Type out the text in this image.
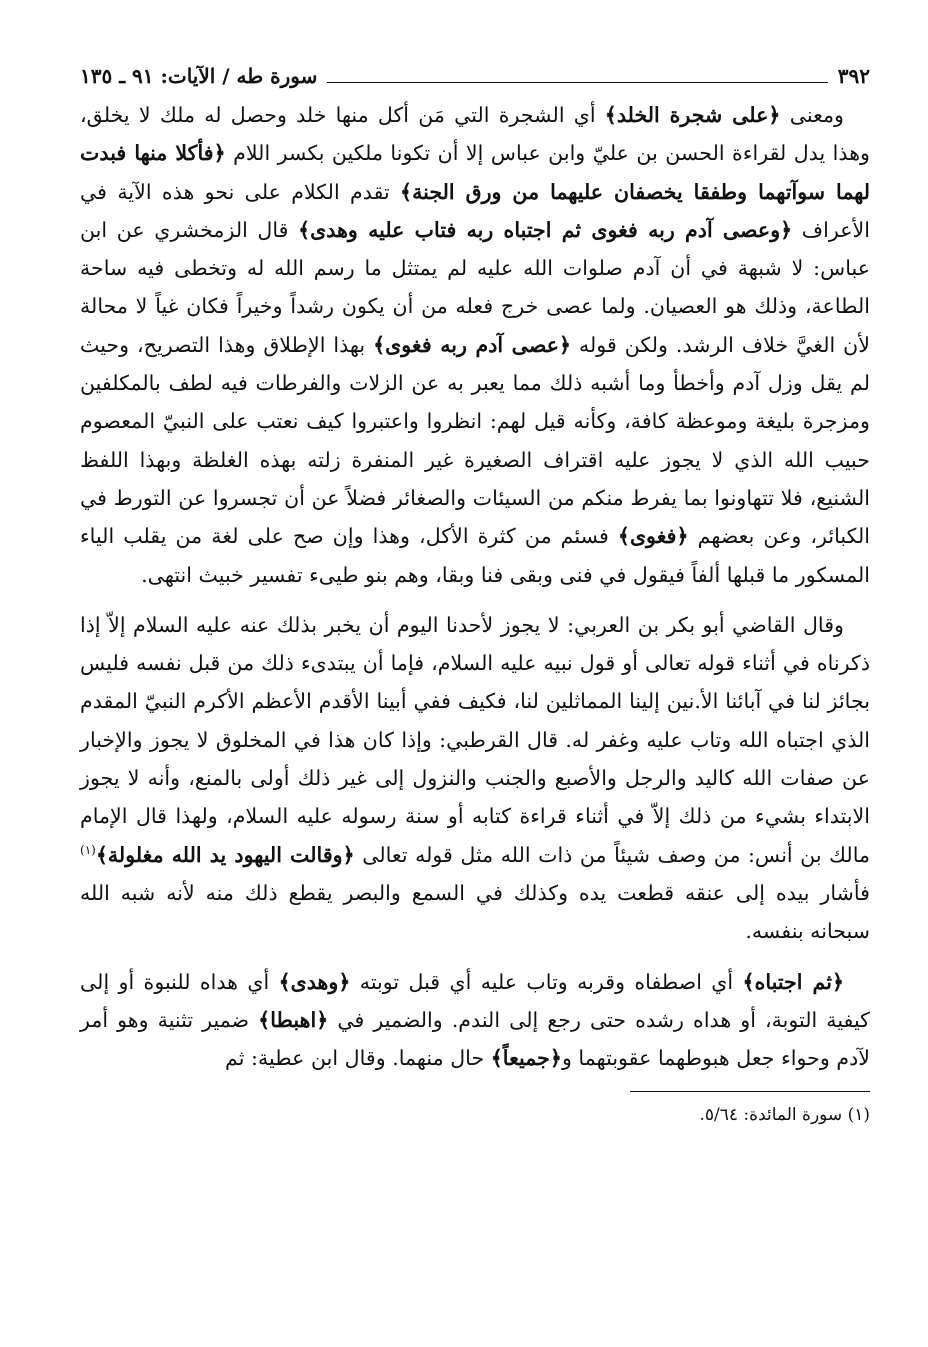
٣٩٢
سورة طه / الآيات: ٩١ ـ ١٣٥

ومعنى ﴿على شجرة الخلد﴾ أي الشجرة التي مَن أكل منها خلد وحصل له ملك لا يخلق، وهذا يدل لقراءة الحسن بن عليّ وابن عباس إلا أن تكونا ملكين بكسر اللام ﴿فأكلا منها فبدت لهما سوآتهما وطفقا يخصفان عليهما من ورق الجنة﴾ تقدم الكلام على نحو هذه الآية في الأعراف ﴿وعصى آدم ربه فغوى ثم اجتباه ربه فتاب عليه وهدى﴾ قال الزمخشري عن ابن عباس: لا شبهة في أن آدم صلوات الله عليه لم يمتثل ما رسم الله له وتخطى فيه ساحة الطاعة، وذلك هو العصيان. ولما عصى خرج فعله من أن يكون رشداً وخيراً فكان غياً لا محالة لأن الغيَّ خلاف الرشد. ولكن قوله ﴿عصى آدم ربه فغوى﴾ بهذا الإطلاق وهذا التصريح، وحيث لم يقل وزل آدم وأخطأ وما أشبه ذلك مما يعبر به عن الزلات والفرطات فيه لطف بالمكلفين ومزجرة بليغة وموعظة كافة، وكأنه قيل لهم: انظروا واعتبروا كيف نعتب على النبيّ المعصوم حبيب الله الذي لا يجوز عليه اقتراف الصغيرة غير المنفرة زلته بهذه الغلظة وبهذا اللفظ الشنيع، فلا تتهاونوا بما يفرط منكم من السيئات والصغائر فضلاً عن أن تجسروا عن التورط في الكبائر، وعن بعضهم ﴿فغوى﴾ فسئم من كثرة الأكل، وهذا وإن صح على لغة من يقلب الياء المسكور ما قبلها ألفاً فيقول في فنى وبقى فنا وبقا، وهم بنو طيىء تفسير خبيث انتهى.

وقال القاضي أبو بكر بن العربي: لا يجوز لأحدنا اليوم أن يخبر بذلك عنه عليه السلام إلاّ إذا ذكرناه في أثناء قوله تعالى أو قول نبيه عليه السلام، فإما أن يبتدىء ذلك من قبل نفسه فليس بجائز لنا في آبائنا الأ.نين إلينا المماثلين لنا، فكيف ففي أبينا الأقدم الأعظم الأكرم النبيّ المقدم الذي اجتباه الله وتاب عليه وغفر له. قال القرطبي: وإذا كان هذا في المخلوق لا يجوز والإخبار عن صفات الله كاليد والرجل والأصبع والجنب والنزول إلى غير ذلك أولى بالمنع، وأنه لا يجوز الابتداء بشيء من ذلك إلاّ في أثناء قراءة كتابه أو سنة رسوله عليه السلام، ولهذا قال الإمام مالك بن أنس: من وصف شيئاً من ذات الله مثل قوله تعالى ﴿وقالت اليهود يد الله مغلولة﴾$^{(١)}$ فأشار بيده إلى عنقه قطعت يده وكذلك في السمع والبصر يقطع ذلك منه لأنه شبه الله سبحانه بنفسه.

﴿ثم اجتباه﴾ أي اصطفاه وقربه وتاب عليه أي قبل توبته ﴿وهدى﴾ أي هداه للنبوة أو إلى كيفية التوبة، أو هداه رشده حتى رجع إلى الندم. والضمير في ﴿اهبطا﴾ ضمير تثنية وهو أمر لآدم وحواء جعل هبوطهما عقوبتهما و﴿جميعاً﴾ حال منهما. وقال ابن عطية: ثم

(١) سورة المائدة: ٥/٦٤.
